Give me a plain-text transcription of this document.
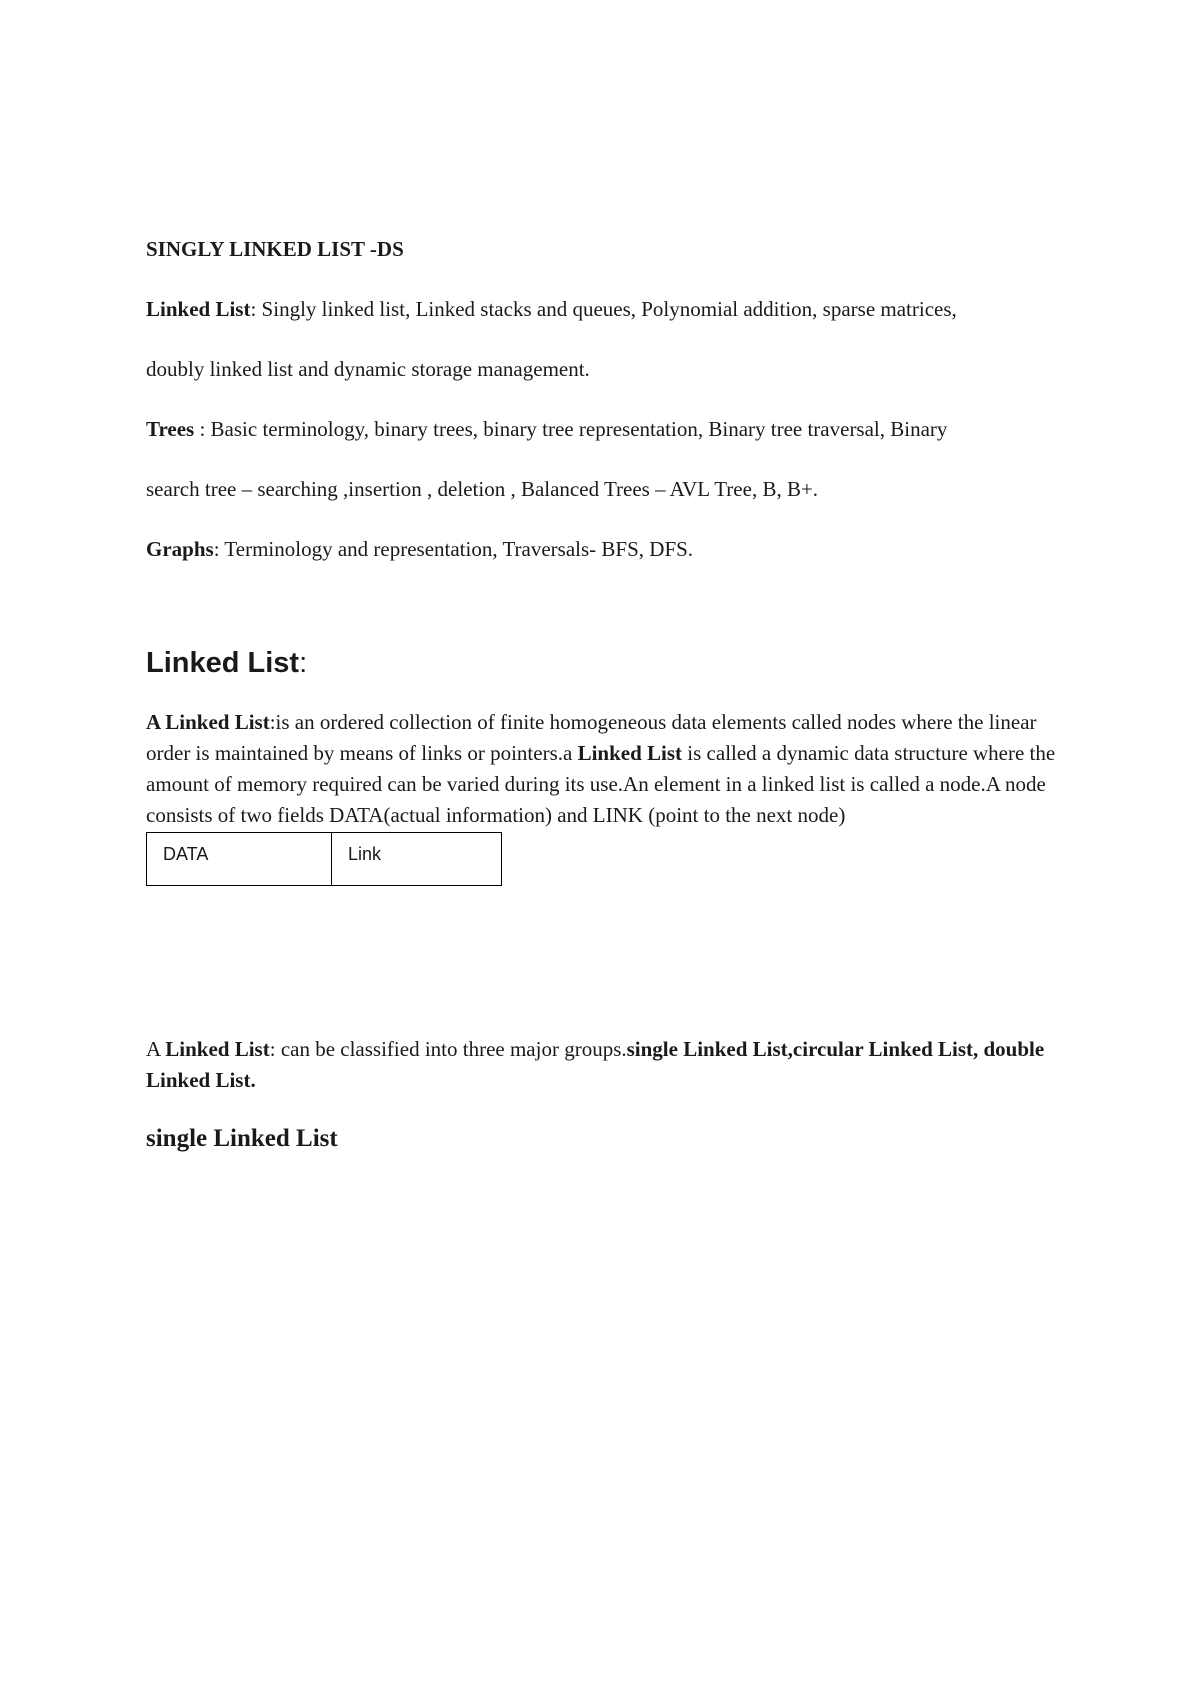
SINGLY LINKED LIST -DS

Linked List: Singly linked list, Linked stacks and queues, Polynomial addition, sparse matrices,

doubly linked list and dynamic storage management.

Trees : Basic terminology, binary trees, binary tree representation, Binary tree traversal, Binary

search tree – searching ,insertion , deletion , Balanced Trees – AVL Tree, B, B+.

Graphs: Terminology and representation, Traversals- BFS, DFS.

Linked List:

A Linked List:is an ordered collection of finite homogeneous data elements called nodes where the linear order is maintained by means of links or pointers.a Linked List is called a dynamic data structure where the amount of memory required can be varied during its use.An element in a linked list is called a node.A node consists of two fields DATA(actual information) and LINK (point to the next node)

DATA	Link

A Linked List: can be classified into three major groups.single Linked List,circular Linked List, double Linked List.

single Linked List
